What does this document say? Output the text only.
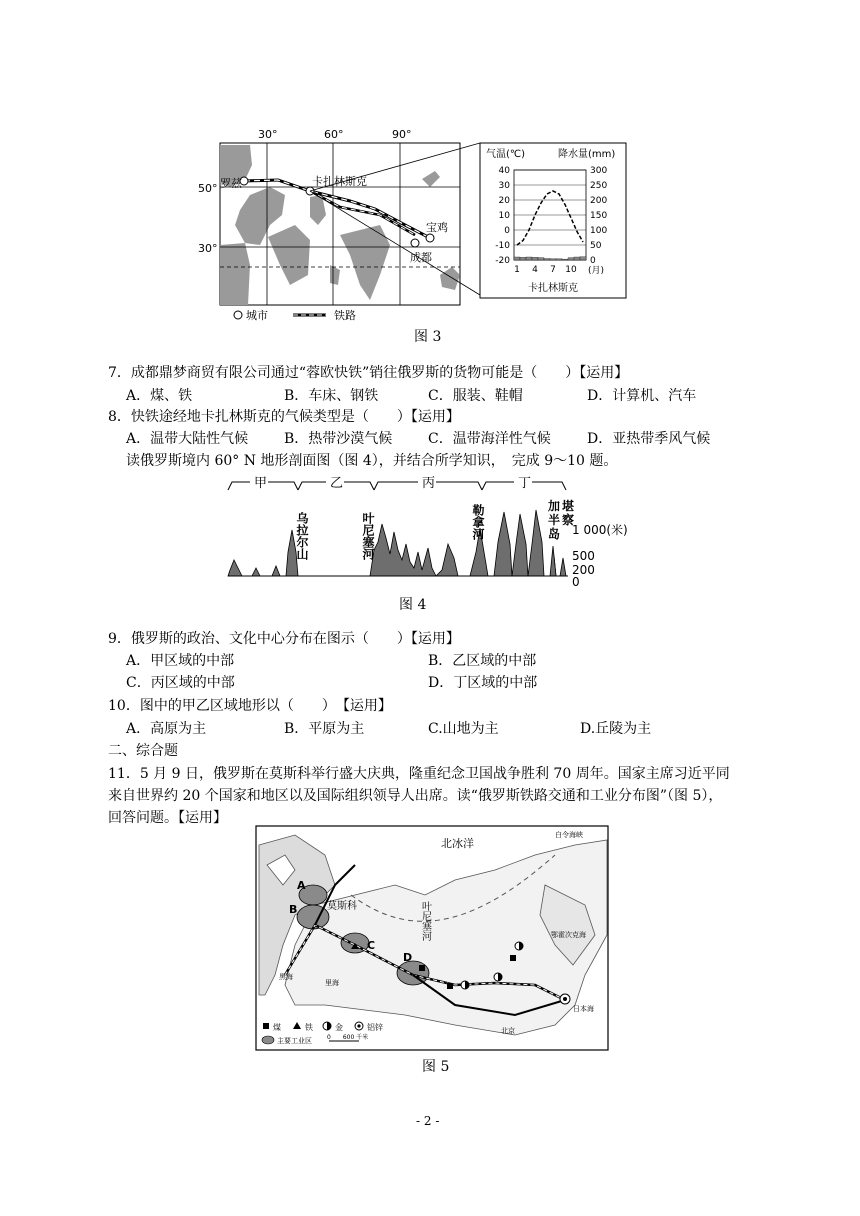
30°	60°	90°
50°
30°
罗兹	卡扎林斯克
宝鸡
成都
城市	铁路
气温(℃)	降水量(mm)
40
30
20
10
0
-10
-20
300
250
200
150
100
50
0
1 4 7 10 (月)
卡扎林斯克
图 3
7．成都鼎梦商贸有限公司通过“蓉欧快铁”销往俄罗斯的货物可能是（　　）【运用】
A．煤、铁	B．车床、钢铁	C．服装、鞋帽	D．计算机、汽车
8．快铁途经地卡扎林斯克的气候类型是（　　）【运用】
A．温带大陆性气候	B．热带沙漠气候	C．温带海洋性气候	D．亚热带季风气候
读俄罗斯境内 60° N 地形剖面图（图 4），并结合所学知识，　完成 9～10 题。
甲	乙	丙	丁
乌拉尔山	叶尼塞河	勒拿河	加
半
岛
堪
察
1 000(米)
500
200
0
图 4
9．俄罗斯的政治、文化中心分布在图示（　　）【运用】
A．甲区域的中部	B．乙区域的中部
C．丙区域的中部	D．丁区域的中部
10．图中的甲乙区域地形以（　　）　【运用】
A．高原为主	B．平原为主	C.山地为主	D.丘陵为主
二、综合题
11．5 月 9 日，俄罗斯在莫斯科举行盛大庆典，隆重纪念卫国战争胜利 70 周年。国家主席习近平同
来自世界约 20 个国家和地区以及国际组织领导人出席。读“俄罗斯铁路交通和工业分布图”（图 5），
回答问题。【运用】
北冰洋
莫斯科	叶尼塞河
A
B
C
D
白令海峡
鄂霍次克海
日本海
北京
黑海
里海
煤	铁	金	铝锌
主要工业区	0　　600 千米
图 5
- 2 -
